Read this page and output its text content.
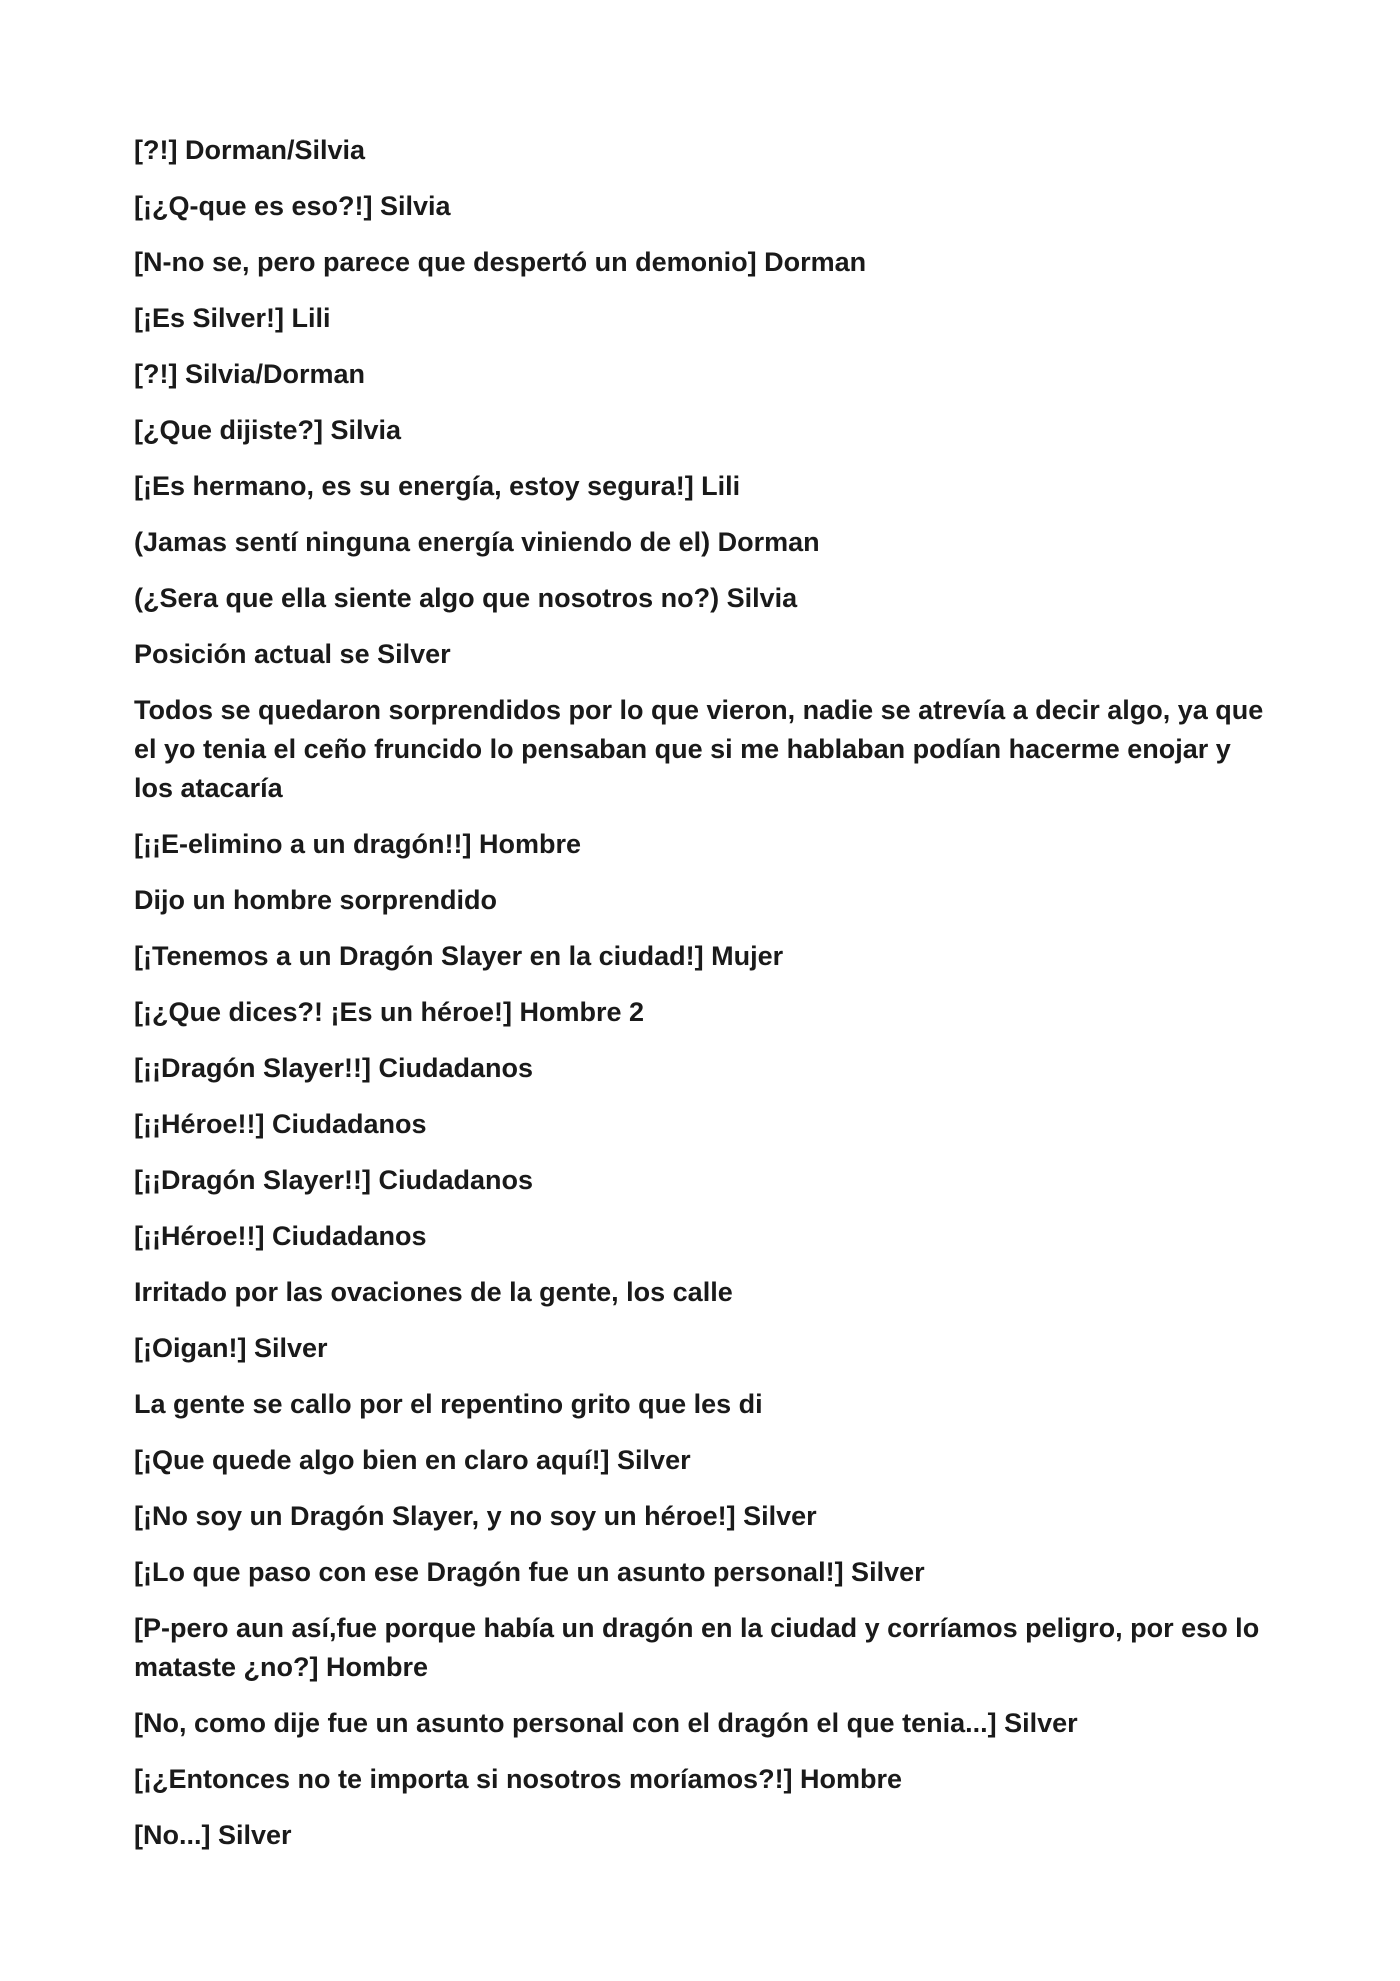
[?!] Dorman/Silvia

[¡¿Q-que es eso?!] Silvia

[N-no se, pero parece que despertó un demonio] Dorman

[¡Es Silver!] Lili

[?!] Silvia/Dorman

[¿Que dijiste?] Silvia

[¡Es hermano, es su energía, estoy segura!] Lili

(Jamas sentí ninguna energía viniendo de el) Dorman

(¿Sera que ella siente algo que nosotros no?) Silvia

Posición actual se Silver

Todos se quedaron sorprendidos por lo que vieron, nadie se atrevía a decir algo, ya que el yo tenia el ceño fruncido lo pensaban que si me hablaban podían hacerme enojar y los atacaría

[¡¡E-elimino a un dragón!!] Hombre

Dijo un hombre sorprendido

[¡Tenemos a un Dragón Slayer en la ciudad!] Mujer

[¡¿Que dices?! ¡Es un héroe!] Hombre 2

[¡¡Dragón Slayer!!] Ciudadanos

[¡¡Héroe!!] Ciudadanos

[¡¡Dragón Slayer!!] Ciudadanos

[¡¡Héroe!!] Ciudadanos

Irritado por las ovaciones de la gente, los calle

[¡Oigan!] Silver

La gente se callo por el repentino grito que les di

[¡Que quede algo bien en claro aquí!] Silver

[¡No soy un Dragón Slayer, y no soy un héroe!] Silver

[¡Lo que paso con ese Dragón fue un asunto personal!] Silver

[P-pero aun así,fue porque había un dragón en la ciudad y corríamos peligro, por eso lo mataste ¿no?] Hombre

[No, como dije fue un asunto personal con el dragón el que tenia...] Silver

[¡¿Entonces no te importa si nosotros moríamos?!] Hombre

[No...] Silver
